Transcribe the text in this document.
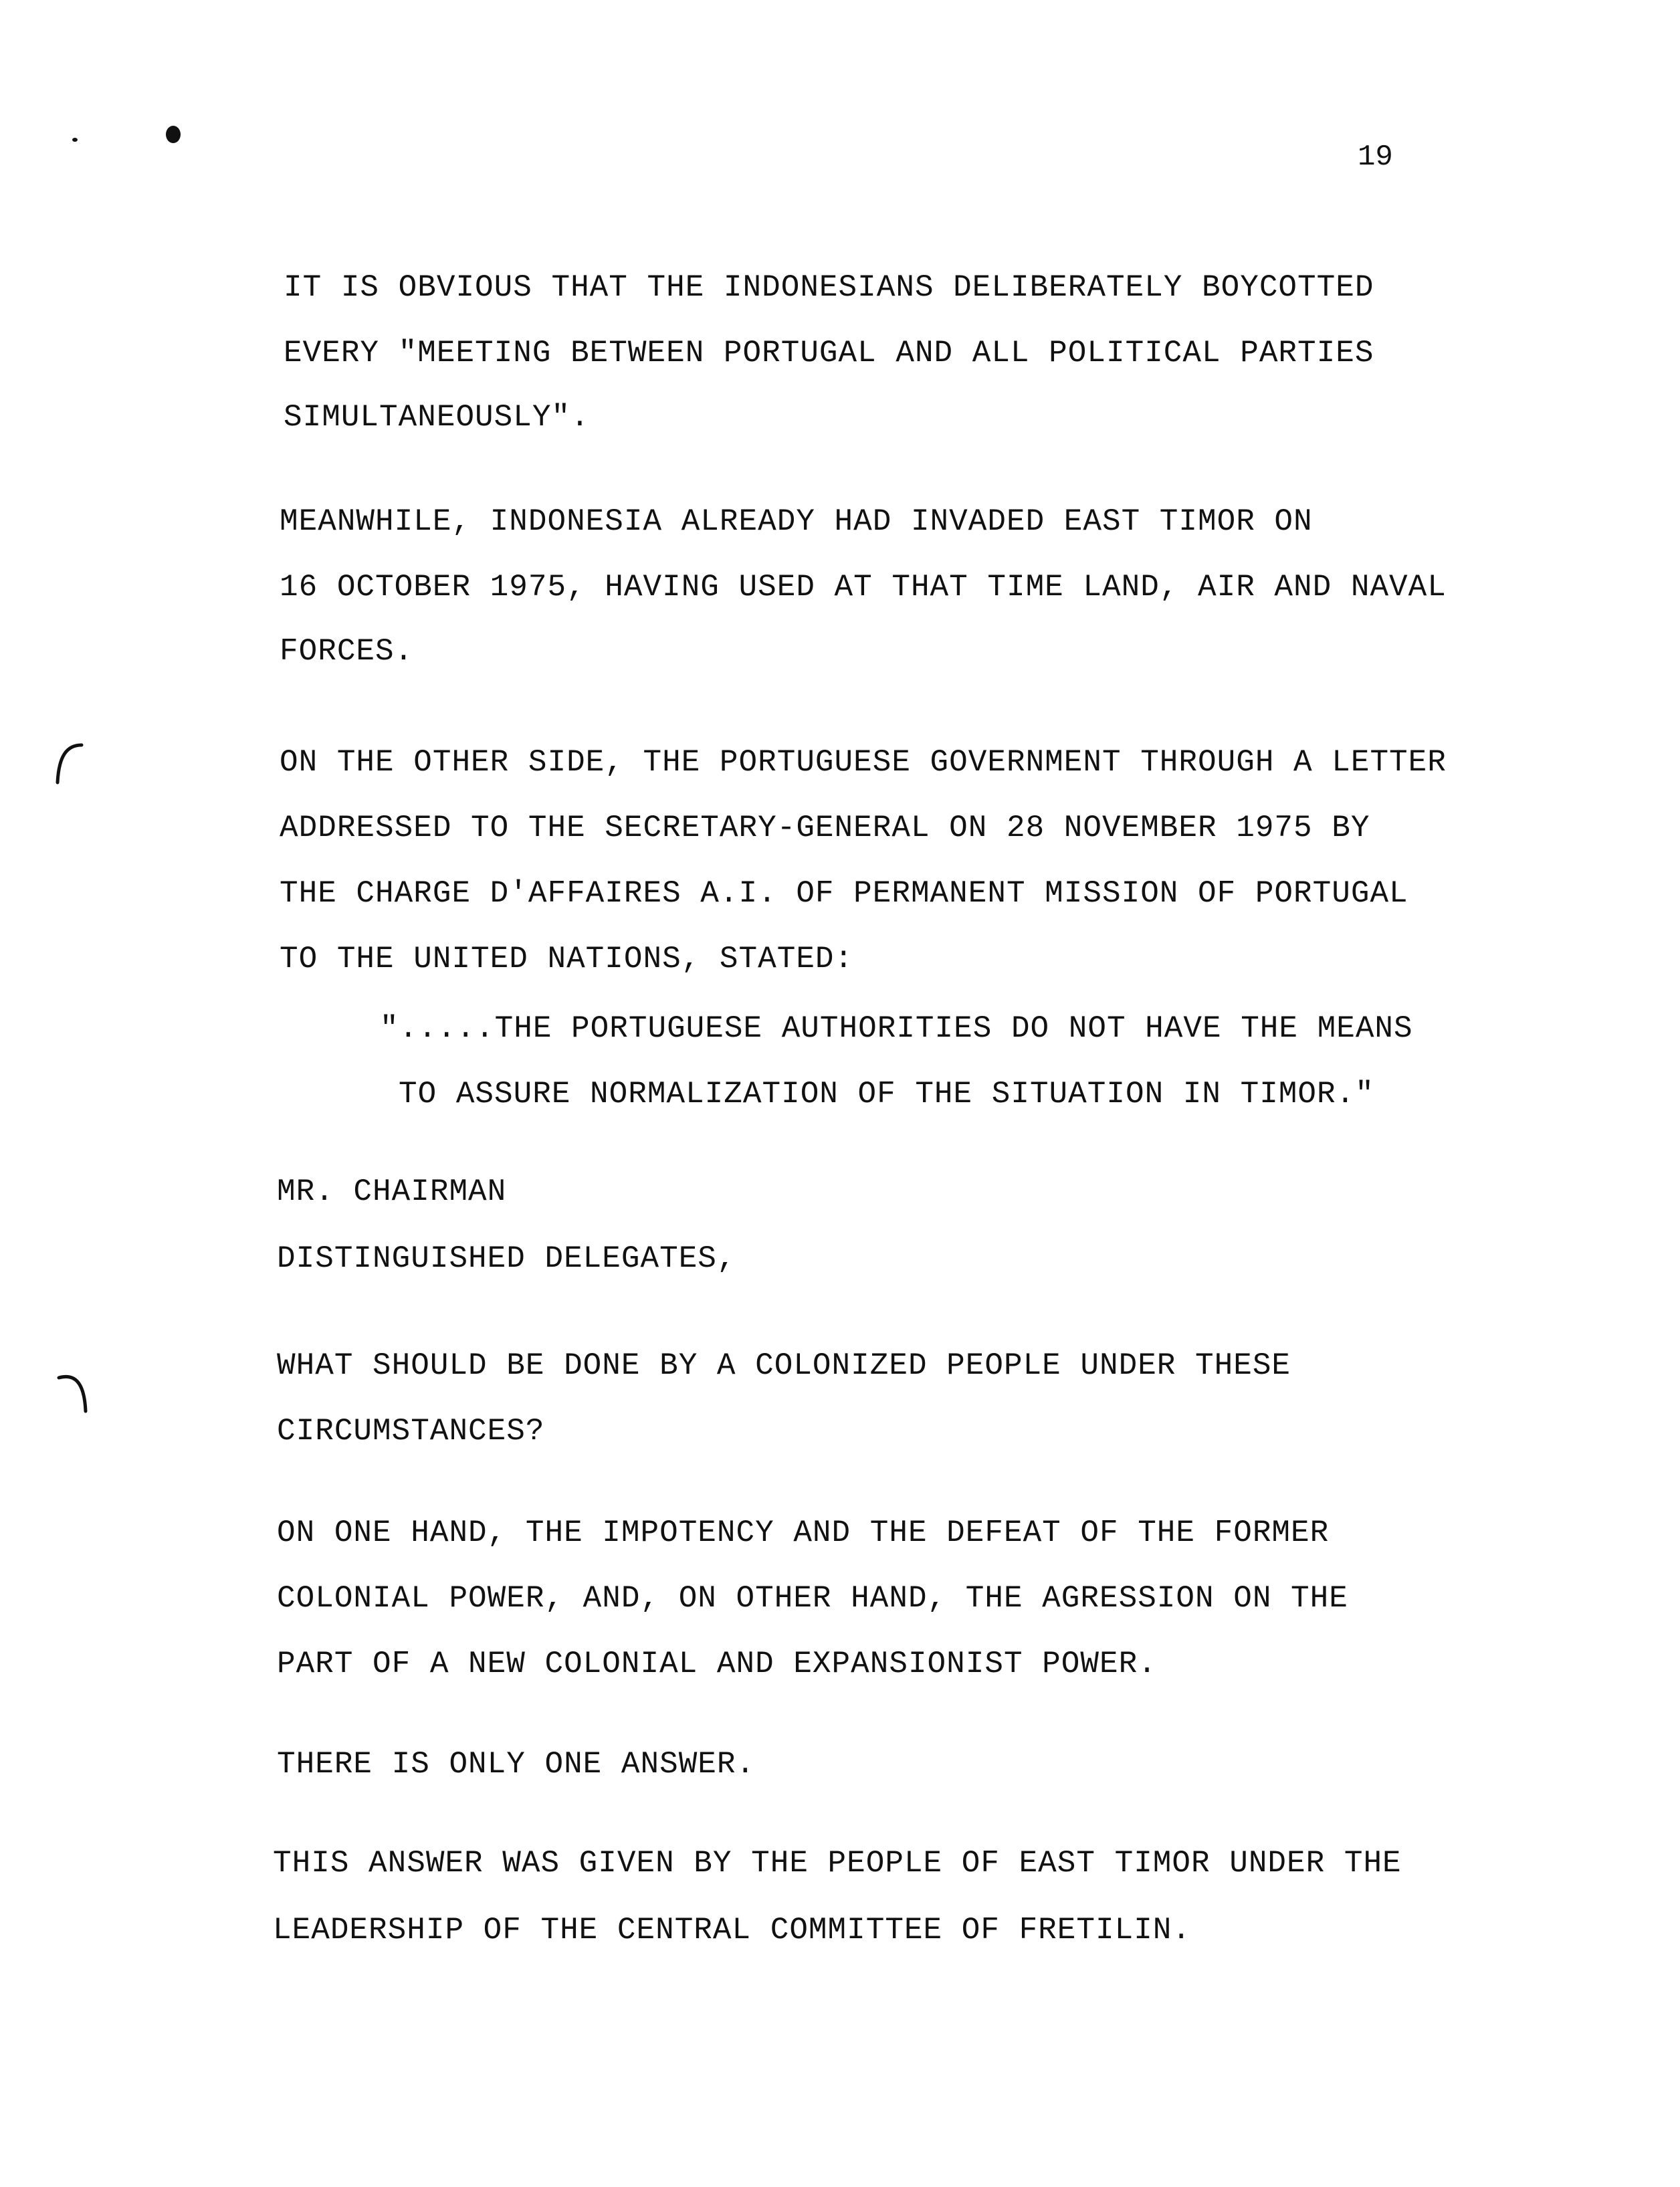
19

IT IS OBVIOUS THAT THE INDONESIANS DELIBERATELY BOYCOTTED

EVERY "MEETING BETWEEN PORTUGAL AND ALL POLITICAL PARTIES

SIMULTANEOUSLY".

MEANWHILE, INDONESIA ALREADY HAD INVADED EAST TIMOR ON

16 OCTOBER 1975, HAVING USED AT THAT TIME LAND, AIR AND NAVAL

FORCES.

ON THE OTHER SIDE, THE PORTUGUESE GOVERNMENT THROUGH A LETTER

ADDRESSED TO THE SECRETARY-GENERAL ON 28 NOVEMBER 1975 BY

THE CHARGE D'AFFAIRES A.I. OF PERMANENT MISSION OF PORTUGAL

TO THE UNITED NATIONS, STATED:

".....THE PORTUGUESE AUTHORITIES DO NOT HAVE THE MEANS

TO ASSURE NORMALIZATION OF THE SITUATION IN TIMOR."

MR. CHAIRMAN

DISTINGUISHED DELEGATES,

WHAT SHOULD BE DONE BY A COLONIZED PEOPLE UNDER THESE

CIRCUMSTANCES?

ON ONE HAND, THE IMPOTENCY AND THE DEFEAT OF THE FORMER

COLONIAL POWER, AND, ON OTHER HAND, THE AGRESSION ON THE

PART OF A NEW COLONIAL AND EXPANSIONIST POWER.

THERE IS ONLY ONE ANSWER.

THIS ANSWER WAS GIVEN BY THE PEOPLE OF EAST TIMOR UNDER THE

LEADERSHIP OF THE CENTRAL COMMITTEE OF FRETILIN.
